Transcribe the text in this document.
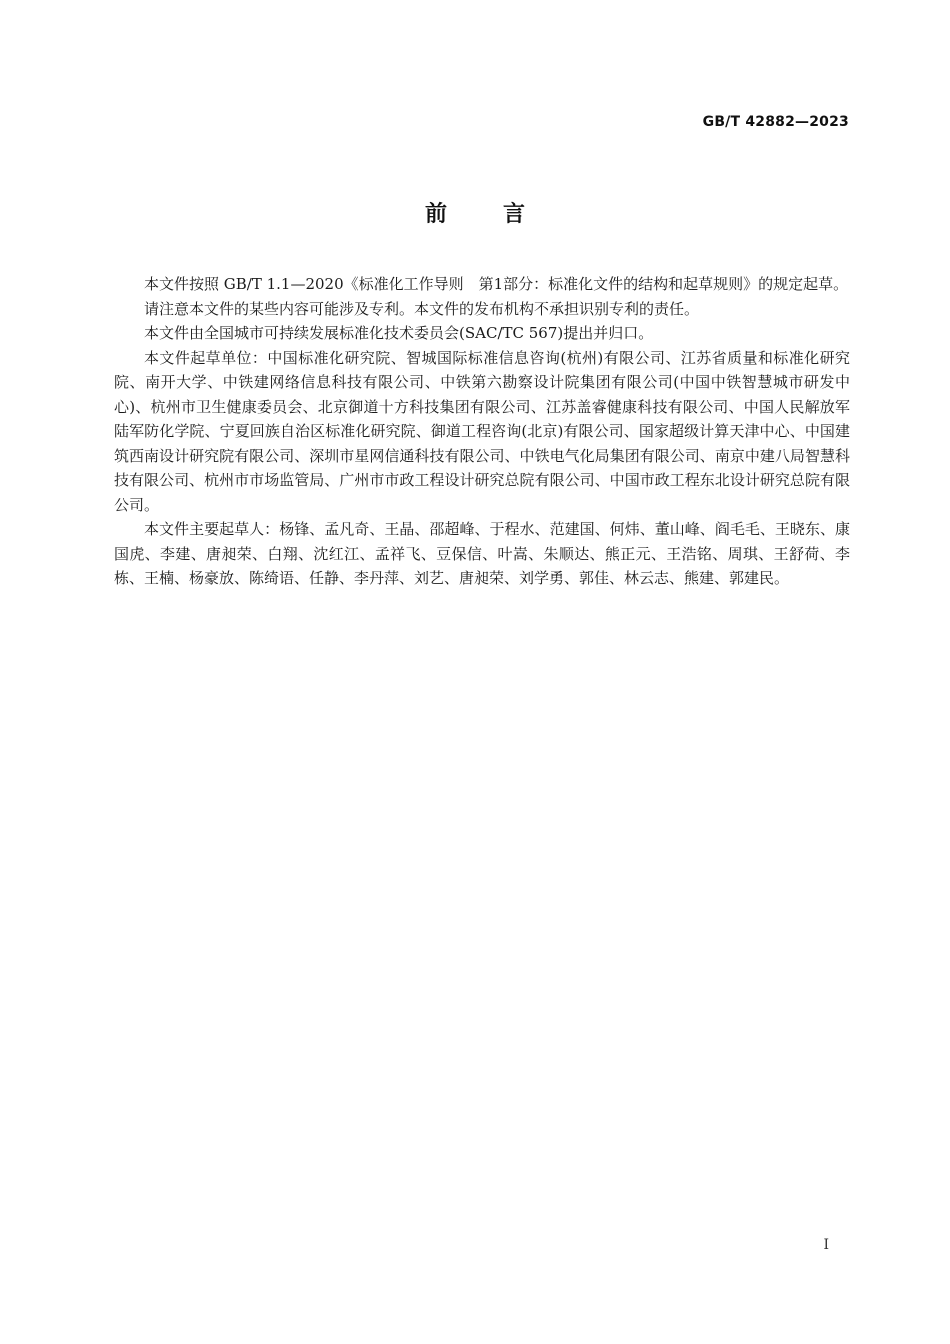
GB/T 42882—2023
前言

本文件按照 GB/T 1.1—2020《标准化工作导则　第1部分：标准化文件的结构和起草规则》的规定起草。

请注意本文件的某些内容可能涉及专利。本文件的发布机构不承担识别专利的责任。

本文件由全国城市可持续发展标准化技术委员会(SAC/TC 567)提出并归口。

本文件起草单位：中国标准化研究院、智城国际标准信息咨询(杭州)有限公司、江苏省质量和标准化研究院、南开大学、中铁建网络信息科技有限公司、中铁第六勘察设计院集团有限公司(中国中铁智慧城市研发中心)、杭州市卫生健康委员会、北京御道十方科技集团有限公司、江苏盖睿健康科技有限公司、中国人民解放军陆军防化学院、宁夏回族自治区标准化研究院、御道工程咨询(北京)有限公司、国家超级计算天津中心、中国建筑西南设计研究院有限公司、深圳市星网信通科技有限公司、中铁电气化局集团有限公司、南京中建八局智慧科技有限公司、杭州市市场监管局、广州市市政工程设计研究总院有限公司、中国市政工程东北设计研究总院有限公司。

本文件主要起草人：杨锋、孟凡奇、王晶、邵超峰、于程水、范建国、何炜、董山峰、阎毛毛、王晓东、康国虎、李建、唐昶荣、白翔、沈红江、孟祥飞、豆保信、叶嵩、朱顺达、熊正元、王浩铭、周琪、王舒荷、李栋、王楠、杨豪放、陈绮语、任静、李丹萍、刘艺、唐昶荣、刘学勇、郭佳、林云志、熊建、郭建民。

I
